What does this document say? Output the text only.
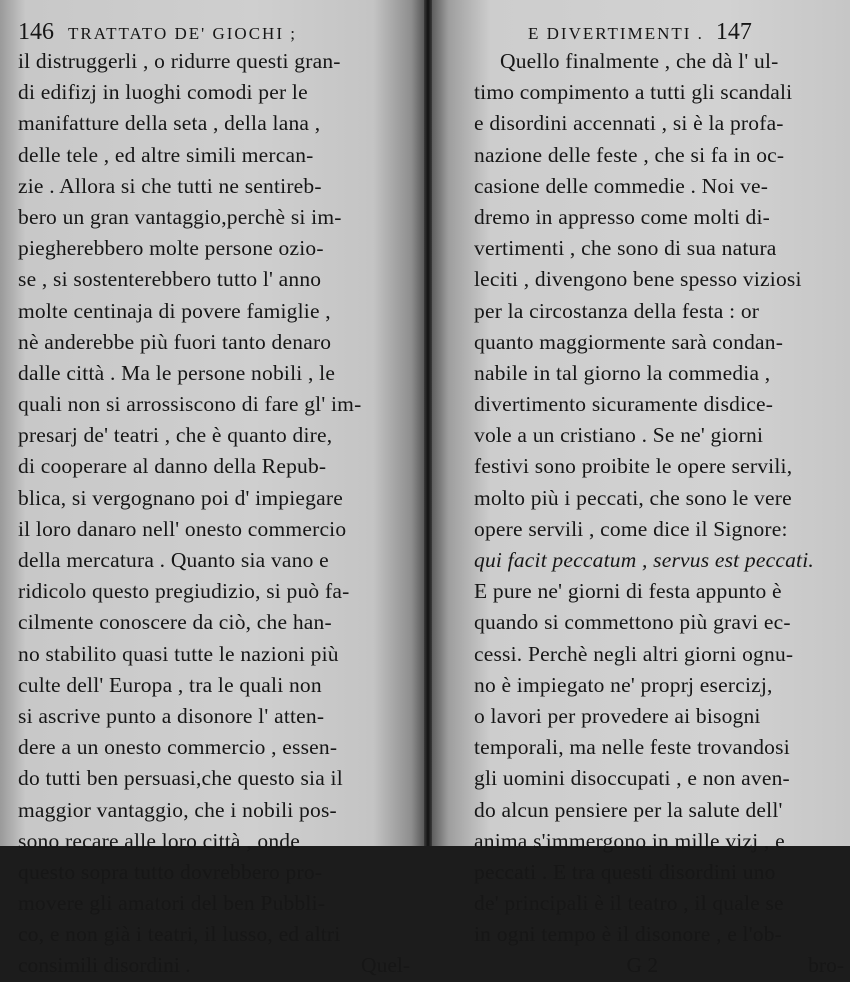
146 TRATTATO DE' GIOCHI ;
il distruggerli , o ridurre questi gran-
di edifizj in luoghi comodi per le
manifatture della seta , della lana ,
delle tele , ed altre simili mercan-
zie . Allora si che tutti ne sentireb-
bero un gran vantaggio,perchè si im-
piegherebbero molte persone ozio-
se , si sostenterebbero tutto l' anno
molte centinaja di povere famiglie ,
nè anderebbe più fuori tanto denaro
dalle città . Ma le persone nobili , le
quali non si arrossiscono di fare gl' im-
presarj de' teatri , che è quanto dire,
di cooperare al danno della Repub-
blica, si vergognano poi d' impiegare
il loro danaro nell' onesto commercio
della mercatura . Quanto sia vano e
ridicolo questo pregiudizio, si può fa-
cilmente conoscere da ciò, che han-
no stabilito quasi tutte le nazioni più
culte dell' Europa , tra le quali non
si ascrive punto a disonore l' atten-
dere a un onesto commercio , essen-
do tutti ben persuasi,che questo sia il
maggior vantaggio, che i nobili pos-
sono recare alle loro città , onde
questo sopra tutto dovrebbero pro-
movere gli amatori del ben Pubbli-
co, e non già i teatri, il lusso, ed altri
consimili disordini .	Quel-
E DIVERTIMENTI . 147
Quello finalmente , che dà l' ul-
timo compimento a tutti gli scandali
e disordini accennati , si è la profa-
nazione delle feste , che si fa in oc-
casione delle commedie . Noi ve-
dremo in appresso come molti di-
vertimenti , che sono di sua natura
leciti , divengono bene spesso viziosi
per la circostanza della festa : or
quanto maggiormente sarà condan-
nabile in tal giorno la commedia ,
divertimento sicuramente disdice-
vole a un cristiano . Se ne' giorni
festivi sono proibite le opere servili,
molto più i peccati, che sono le vere
opere servili , come dice il Signore:
qui facit peccatum , servus est peccati.
E pure ne' giorni di festa appunto è
quando si commettono più gravi ec-
cessi. Perchè negli altri giorni ognu-
no è impiegato ne' proprj esercizj,
o lavori per provedere ai bisogni
temporali, ma nelle feste trovandosi
gli uomini disoccupati , e non aven-
do alcun pensiere per la salute dell'
anima s'immergono in mille vizj , e
peccati . E tra questi disordini uno
de' principali è il teatro , il quale se
in ogni tempo è il disonore , e l'ob-
G 2	bro-
